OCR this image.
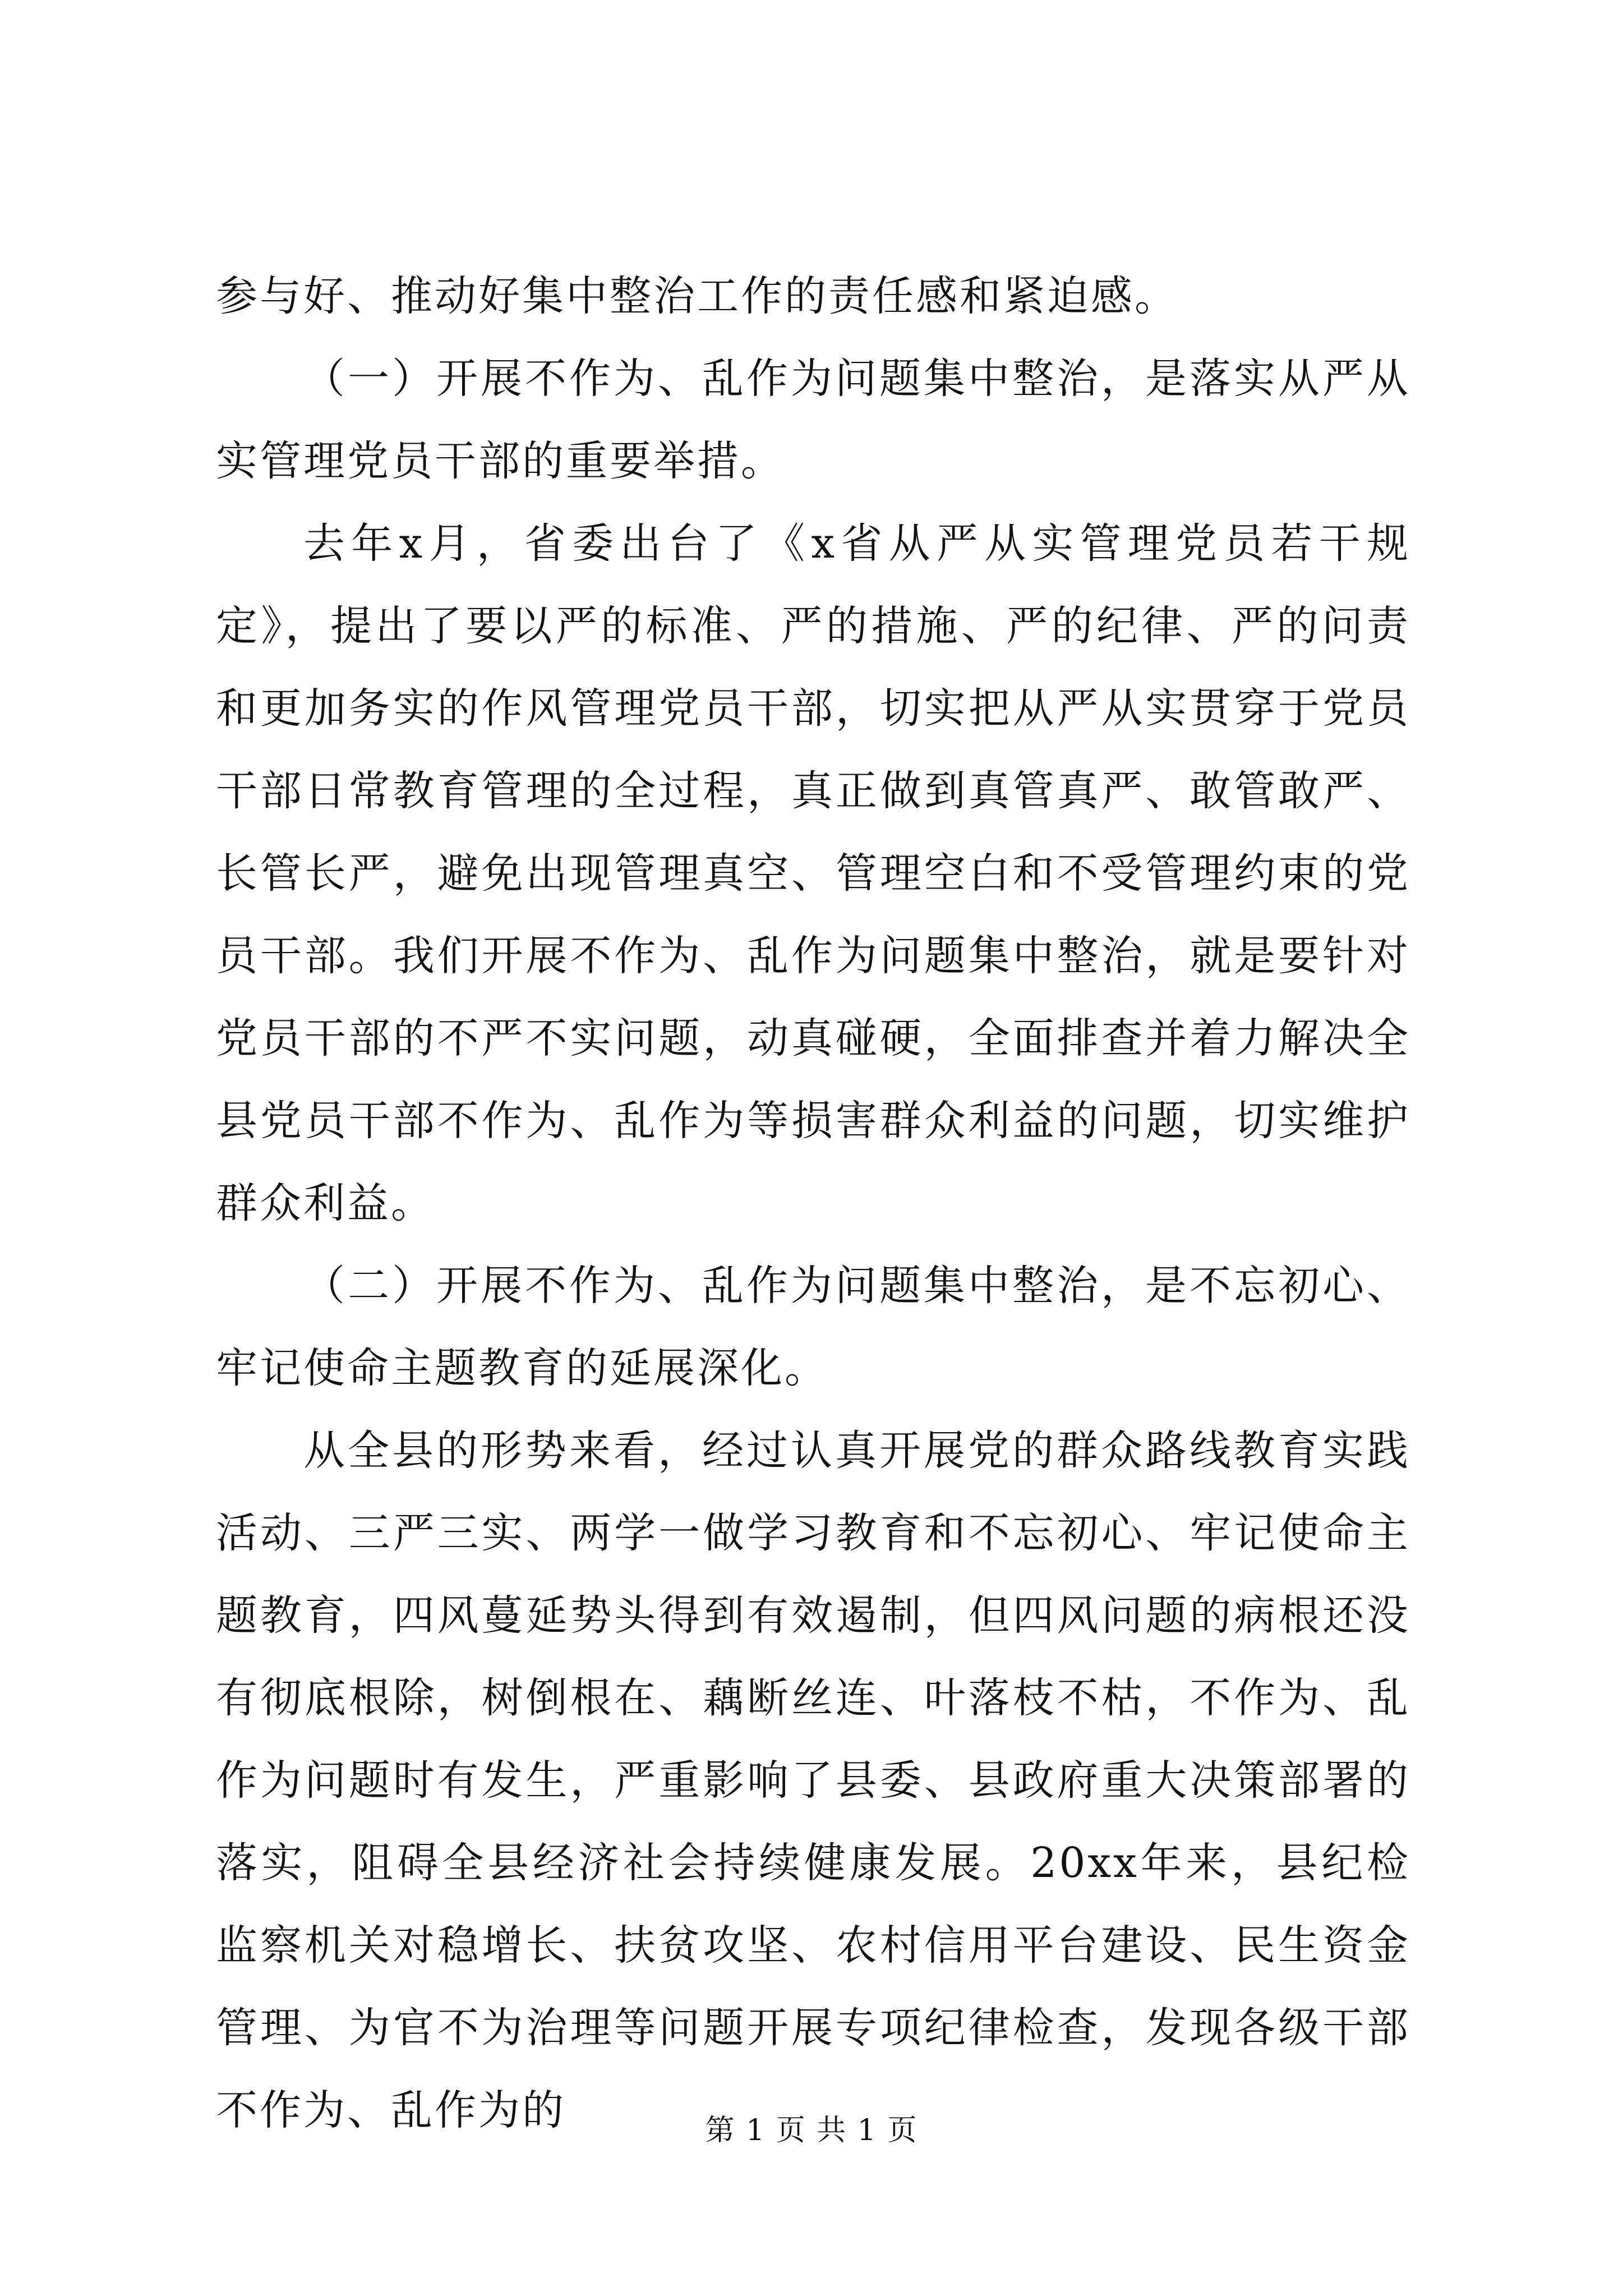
参与好、推动好集中整治工作的责任感和紧迫感。

（一）开展不作为、乱作为问题集中整治，是落实从严从实管理党员干部的重要举措。

去年x月，省委出台了《x省从严从实管理党员若干规定》，提出了要以严的标准、严的措施、严的纪律、严的问责和更加务实的作风管理党员干部，切实把从严从实贯穿于党员干部日常教育管理的全过程，真正做到真管真严、敢管敢严、长管长严，避免出现管理真空、管理空白和不受管理约束的党员干部。我们开展不作为、乱作为问题集中整治，就是要针对党员干部的不严不实问题，动真碰硬，全面排查并着力解决全县党员干部不作为、乱作为等损害群众利益的问题，切实维护群众利益。

（二）开展不作为、乱作为问题集中整治，是不忘初心、牢记使命主题教育的延展深化。

从全县的形势来看，经过认真开展党的群众路线教育实践活动、三严三实、两学一做学习教育和不忘初心、牢记使命主题教育，四风蔓延势头得到有效遏制，但四风问题的病根还没有彻底根除，树倒根在、藕断丝连、叶落枝不枯，不作为、乱作为问题时有发生，严重影响了县委、县政府重大决策部署的落实，阻碍全县经济社会持续健康发展。20xx年来，县纪检监察机关对稳增长、扶贫攻坚、农村信用平台建设、民生资金管理、为官不为治理等问题开展专项纪律检查，发现各级干部不作为、乱作为的	第 1 页 共 1 页
